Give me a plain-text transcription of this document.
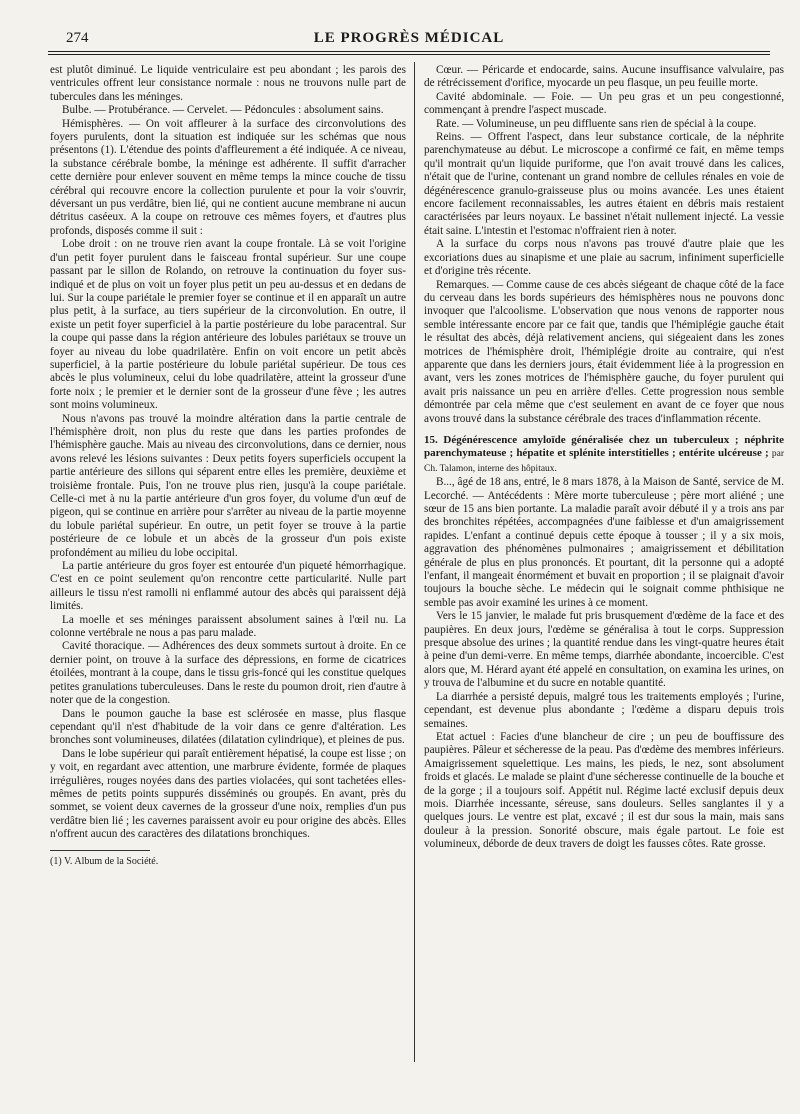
274	LE PROGRÈS MÉDICAL

est plutôt diminué. Le liquide ventriculaire est peu abondant ; les parois des ventricules offrent leur consistance normale : nous ne trouvons nulle part de tubercules dans les méninges.

Bulbe. — Protubérance. — Cervelet. — Pédoncules : absolument sains.

Hémisphères. — On voit affleurer à la surface des circonvolutions des foyers purulents, dont la situation est indiquée sur les schémas que nous présentons (1). L'étendue des points d'affleurement a été indiquée. A ce niveau, la substance cérébrale bombe, la méninge est adhérente. Il suffit d'arracher cette dernière pour enlever souvent en même temps la mince couche de tissu cérébral qui recouvre encore la collection purulente et pour la voir s'ouvrir, déversant un pus verdâtre, bien lié, qui ne contient aucune membrane ni aucun détritus caséeux. A la coupe on retrouve ces mêmes foyers, et d'autres plus profonds, disposés comme il suit :

Lobe droit : on ne trouve rien avant la coupe frontale. Là se voit l'origine d'un petit foyer purulent dans le faisceau frontal supérieur. Sur une coupe passant par le sillon de Rolando, on retrouve la continuation du foyer sus-indiqué et de plus on voit un foyer plus petit un peu au-dessus et en dedans de lui. Sur la coupe pariétale le premier foyer se continue et il en apparaît un autre plus petit, à la surface, au tiers supérieur de la circonvolution. En outre, il existe un petit foyer superficiel à la partie postérieure du lobe paracentral. Sur la coupe qui passe dans la région antérieure des lobules pariétaux se trouve un foyer au niveau du lobe quadrilatère. Enfin on voit encore un petit abcès superficiel, à la partie postérieure du lobule pariétal supérieur. De tous ces abcès le plus volumineux, celui du lobe quadrilatère, atteint la grosseur d'une forte noix ; le premier et le dernier sont de la grosseur d'une fève ; les autres sont moins volumineux.

Nous n'avons pas trouvé la moindre altération dans la partie centrale de l'hémisphère droit, non plus du reste que dans les parties profondes de l'hémisphère gauche. Mais au niveau des circonvolutions, dans ce dernier, nous avons relevé les lésions suivantes : Deux petits foyers superficiels occupent la partie antérieure des sillons qui séparent entre elles les première, deuxième et troisième frontale. Puis, l'on ne trouve plus rien, jusqu'à la coupe pariétale. Celle-ci met à nu la partie antérieure d'un gros foyer, du volume d'un œuf de pigeon, qui se continue en arrière pour s'arrêter au niveau de la partie moyenne du lobule pariétal supérieur. En outre, un petit foyer se trouve à la partie postérieure de ce lobule et un abcès de la grosseur d'un pois existe profondément au milieu du lobe occipital.

La partie antérieure du gros foyer est entourée d'un piqueté hémorrhagique. C'est en ce point seulement qu'on rencontre cette particularité. Nulle part ailleurs le tissu n'est ramolli ni enflammé autour des abcès qui paraissent déjà limités.

La moelle et ses méninges paraissent absolument saines à l'œil nu. La colonne vertébrale ne nous a pas paru malade.

Cavité thoracique. — Adhérences des deux sommets surtout à droite. En ce dernier point, on trouve à la surface des dépressions, en forme de cicatrices étoilées, montrant à la coupe, dans le tissu gris-foncé qui les constitue quelques petites granulations tuberculeuses. Dans le reste du poumon droit, rien d'autre à noter que de la congestion.

Dans le poumon gauche la base est sclérosée en masse, plus flasque cependant qu'il n'est d'habitude de la voir dans ce genre d'altération. Les bronches sont volumineuses, dilatées (dilatation cylindrique), et pleines de pus.

Dans le lobe supérieur qui paraît entièrement hépatisé, la coupe est lisse ; on y voit, en regardant avec attention, une marbrure évidente, formée de plaques irrégulières, rouges noyées dans des parties violacées, qui sont tachetées elles-mêmes de petits points suppurés disséminés ou groupés. En avant, près du sommet, se voient deux cavernes de la grosseur d'une noix, remplies d'un pus verdâtre bien lié ; les cavernes paraissent avoir eu pour origine des abcès. Elles n'offrent aucun des caractères des dilatations bronchiques.

(1) V. Album de la Société.

Cœur. — Péricarde et endocarde, sains. Aucune insuffisance valvulaire, pas de rétrécissement d'orifice, myocarde un peu flasque, un peu feuille morte.

Cavité abdominale. — Foie. — Un peu gras et un peu congestionné, commençant à prendre l'aspect muscade.

Rate. — Volumineuse, un peu diffluente sans rien de spécial à la coupe.

Reins. — Offrent l'aspect, dans leur substance corticale, de la néphrite parenchymateuse au début. Le microscope a confirmé ce fait, en même temps qu'il montrait qu'un liquide puriforme, que l'on avait trouvé dans les calices, n'était que de l'urine, contenant un grand nombre de cellules rénales en voie de dégénérescence granulo-graisseuse plus ou moins avancée. Les unes étaient encore facilement reconnaissables, les autres étaient en débris mais restaient caractérisées par leurs noyaux. Le bassinet n'était nullement injecté. La vessie était saine. L'intestin et l'estomac n'offraient rien à noter.

A la surface du corps nous n'avons pas trouvé d'autre plaie que les excoriations dues au sinapisme et une plaie au sacrum, infiniment superficielle et d'origine très récente.

Remarques. — Comme cause de ces abcès siégeant de chaque côté de la face du cerveau dans les bords supérieurs des hémisphères nous ne pouvons donc invoquer que l'alcoolisme. L'observation que nous venons de rapporter nous semble intéressante encore par ce fait que, tandis que l'hémiplégie gauche était le résultat des abcès, déjà relativement anciens, qui siégeaient dans les zones motrices de l'hémisphère droit, l'hémiplégie droite au contraire, qui n'est apparente que dans les derniers jours, était évidemment liée à la progression en avant, vers les zones motrices de l'hémisphère gauche, du foyer purulent qui avait pris naissance un peu en arrière d'elles. Cette progression nous semble démontrée par cela même que c'est seulement en avant de ce foyer que nous avons trouvé dans la substance cérébrale des traces d'inflammation récente.

15. Dégénérescence amyloïde généralisée chez un tuberculeux ; néphrite parenchymateuse ; hépatite et splénite interstitielles ; entérite ulcéreuse ; par Ch. Talamon, interne des hôpitaux.

B..., âgé de 18 ans, entré, le 8 mars 1878, à la Maison de Santé, service de M. Lecorché. — Antécédents : Mère morte tuberculeuse ; père mort aliéné ; une sœur de 15 ans bien portante. La maladie paraît avoir débuté il y a trois ans par des bronchites répétées, accompagnées d'une faiblesse et d'un amaigrissement rapides. L'enfant a continué depuis cette époque à tousser ; il y a six mois, aggravation des phénomènes pulmonaires ; amaigrissement et débilitation générale de plus en plus prononcés. Et pourtant, dit la personne qui a adopté l'enfant, il mangeait énormément et buvait en proportion ; il se plaignait d'avoir toujours la bouche sèche. Le médecin qui le soignait comme phthisique ne semble pas avoir examiné les urines à ce moment.

Vers le 15 janvier, le malade fut pris brusquement d'œdème de la face et des paupières. En deux jours, l'œdème se généralisa à tout le corps. Suppression presque absolue des urines ; la quantité rendue dans les vingt-quatre heures était à peine d'un demi-verre. En même temps, diarrhée abondante, incoercible. C'est alors que, M. Hérard ayant été appelé en consultation, on examina les urines, on y trouva de l'albumine et du sucre en notable quantité.

La diarrhée a persisté depuis, malgré tous les traitements employés ; l'urine, cependant, est devenue plus abondante ; l'œdème a disparu depuis trois semaines.

Etat actuel : Facies d'une blancheur de cire ; un peu de bouffissure des paupières. Pâleur et sécheresse de la peau. Pas d'œdème des membres inférieurs. Amaigrissement squelettique. Les mains, les pieds, le nez, sont absolument froids et glacés. Le malade se plaint d'une sécheresse continuelle de la bouche et de la gorge ; il a toujours soif. Appétit nul. Régime lacté exclusif depuis deux mois. Diarrhée incessante, séreuse, sans douleurs. Selles sanglantes il y a quelques jours. Le ventre est plat, excavé ; il est dur sous la main, mais sans douleur à la pression. Sonorité obscure, mais égale partout. Le foie est volumineux, déborde de deux travers de doigt les fausses côtes. Rate grosse.
